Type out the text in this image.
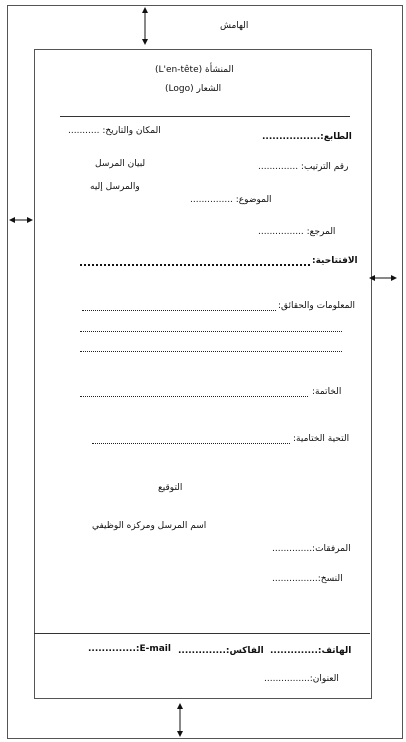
الهامش
المنشأة (L'en-tête)
الشعار (Logo)
الطابع:.................
المكان والتاريخ: ...........
رقم الترتيب: ..............
لبيان المرسل
والمرسل إليه
الموضوع: ...............
المرجع: ................
الافتتاحية:
المعلومات والحقائق:
الخاتمة:
التحية الختامية:
التوقيع
اسم المرسل ومركزه الوظيفي
المرفقات:..............
النسخ:................
الهاتف:..............
الفاكس:..............
..............:E-mail
العنوان:................
